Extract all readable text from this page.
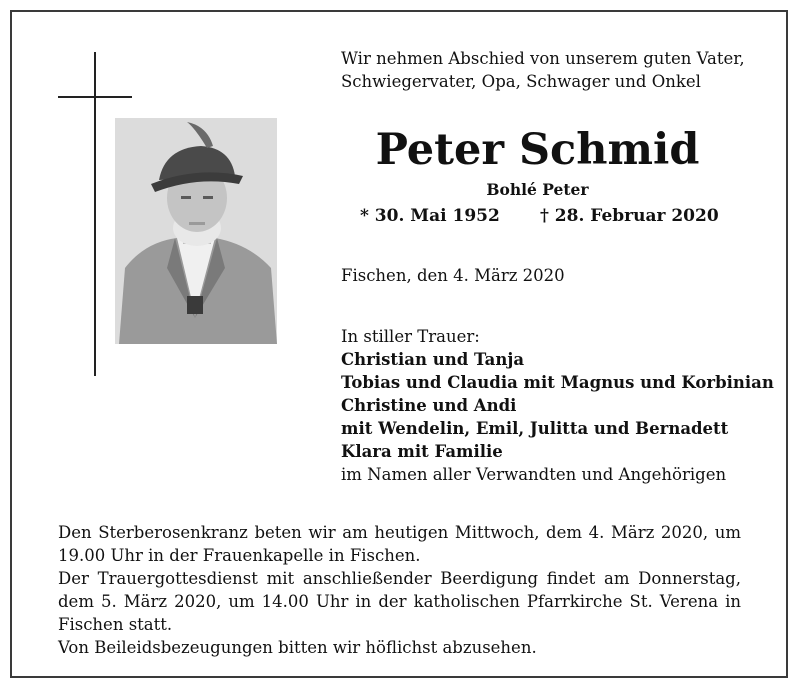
Wir nehmen Abschied von unserem guten Vater,
Schwiegervater, Opa, Schwager und Onkel
Peter Schmid
Bohlé Peter
* 30. Mai 1952 † 28. Februar 2020
Fischen, den 4. März 2020
In stiller Trauer:
Christian und Tanja
Tobias und Claudia mit Magnus und Korbinian
Christine und Andi
mit Wendelin, Emil, Julitta und Bernadett
Klara mit Familie
im Namen aller Verwandten und Angehörigen

Den Sterberosenkranz beten wir am heutigen Mittwoch, dem 4. März 2020, um 19.00 Uhr in der Frauenkapelle in Fischen.

Der Trauergottesdienst mit anschließender Beerdigung findet am Donnerstag, dem 5. März 2020, um 14.00 Uhr in der katholischen Pfarrkirche St. Verena in Fischen statt.

Von Beileidsbezeugungen bitten wir höflichst abzusehen.
